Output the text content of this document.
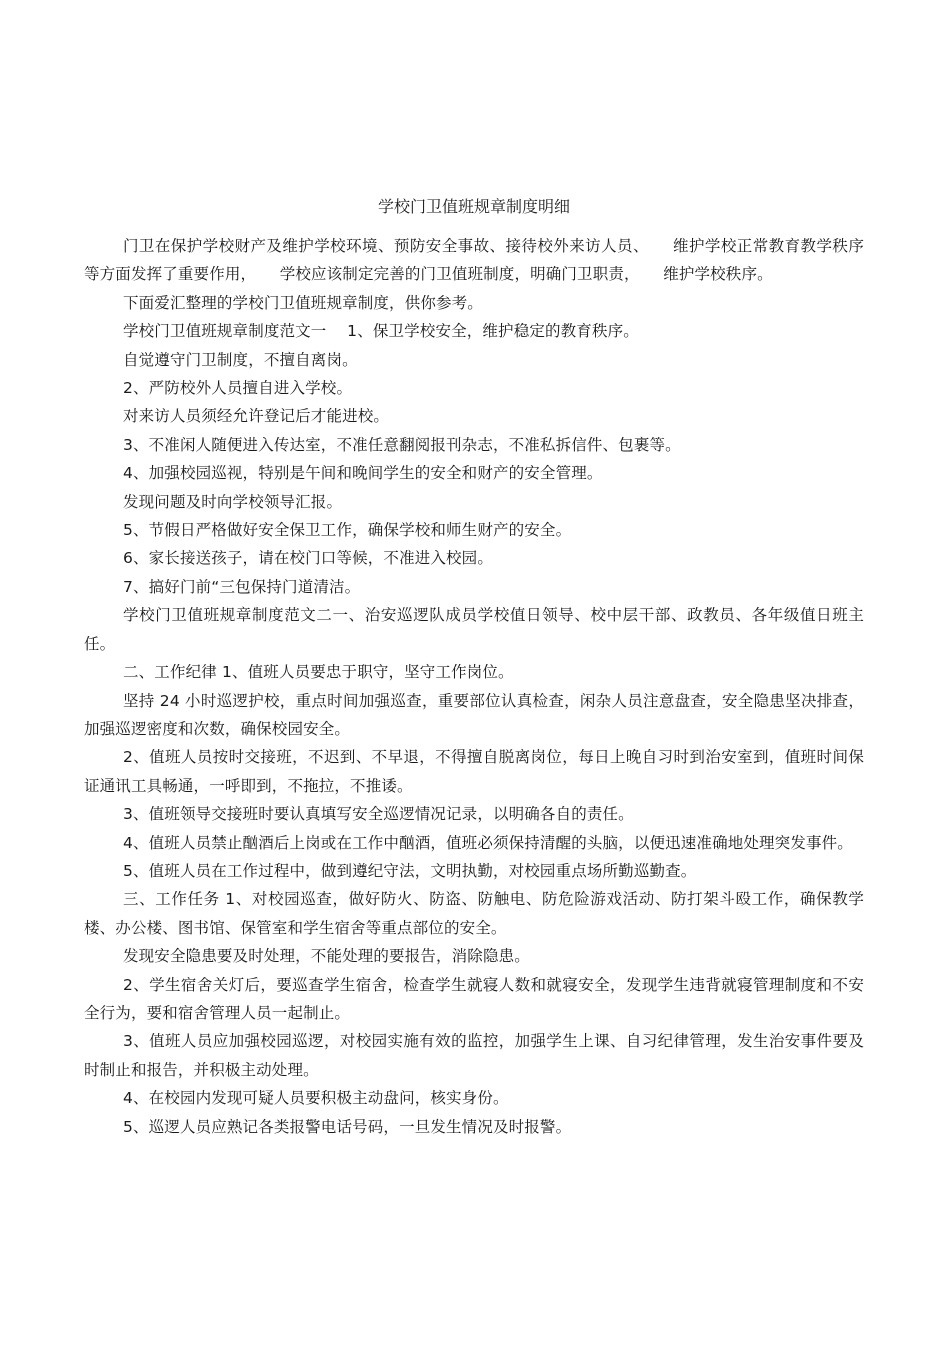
学校门卫值班规章制度明细

门卫在保护学校财产及维护学校环境、预防安全事故、接待校外来访人员、　　维护学校正常教育教学秩序等方面发挥了重要作用，　　学校应该制定完善的门卫值班制度，明确门卫职责，　　维护学校秩序。

下面爱汇整理的学校门卫值班规章制度，供你参考。

学校门卫值班规章制度范文一　 1、保卫学校安全，维护稳定的教育秩序。

自觉遵守门卫制度，不擅自离岗。

2、严防校外人员擅自进入学校。

对来访人员须经允许登记后才能进校。

3、不准闲人随便进入传达室，不准任意翻阅报刊杂志，不准私拆信件、包裹等。

4、加强校园巡视，特别是午间和晚间学生的安全和财产的安全管理。

发现问题及时向学校领导汇报。

5、节假日严格做好安全保卫工作，确保学校和师生财产的安全。

6、家长接送孩子，请在校门口等候，不准进入校园。

7、搞好门前“三包保持门道清洁。

学校门卫值班规章制度范文二一、治安巡逻队成员学校值日领导、校中层干部、政教员、各年级值日班主任。

二、工作纪律 1、值班人员要忠于职守，坚守工作岗位。

坚持 24 小时巡逻护校，重点时间加强巡查，重要部位认真检查，闲杂人员注意盘查，安全隐患坚决排查，加强巡逻密度和次数，确保校园安全。

2、值班人员按时交接班，不迟到、不早退，不得擅自脱离岗位，每日上晚自习时到治安室到，值班时间保证通讯工具畅通，一呼即到，不拖拉，不推诿。

3、值班领导交接班时要认真填写安全巡逻情况记录，以明确各自的责任。

4、值班人员禁止酗酒后上岗或在工作中酗酒，值班必须保持清醒的头脑，以便迅速准确地处理突发事件。

5、值班人员在工作过程中，做到遵纪守法，文明执勤，对校园重点场所勤巡勤查。

三、工作任务 1、对校园巡查，做好防火、防盗、防触电、防危险游戏活动、防打架斗殴工作，确保教学楼、办公楼、图书馆、保管室和学生宿舍等重点部位的安全。

发现安全隐患要及时处理，不能处理的要报告，消除隐患。

2、学生宿舍关灯后，要巡查学生宿舍，检查学生就寝人数和就寝安全，发现学生违背就寝管理制度和不安全行为，要和宿舍管理人员一起制止。

3、值班人员应加强校园巡逻，对校园实施有效的监控，加强学生上课、自习纪律管理，发生治安事件要及时制止和报告，并积极主动处理。

4、在校园内发现可疑人员要积极主动盘问，核实身份。

5、巡逻人员应熟记各类报警电话号码，一旦发生情况及时报警。
